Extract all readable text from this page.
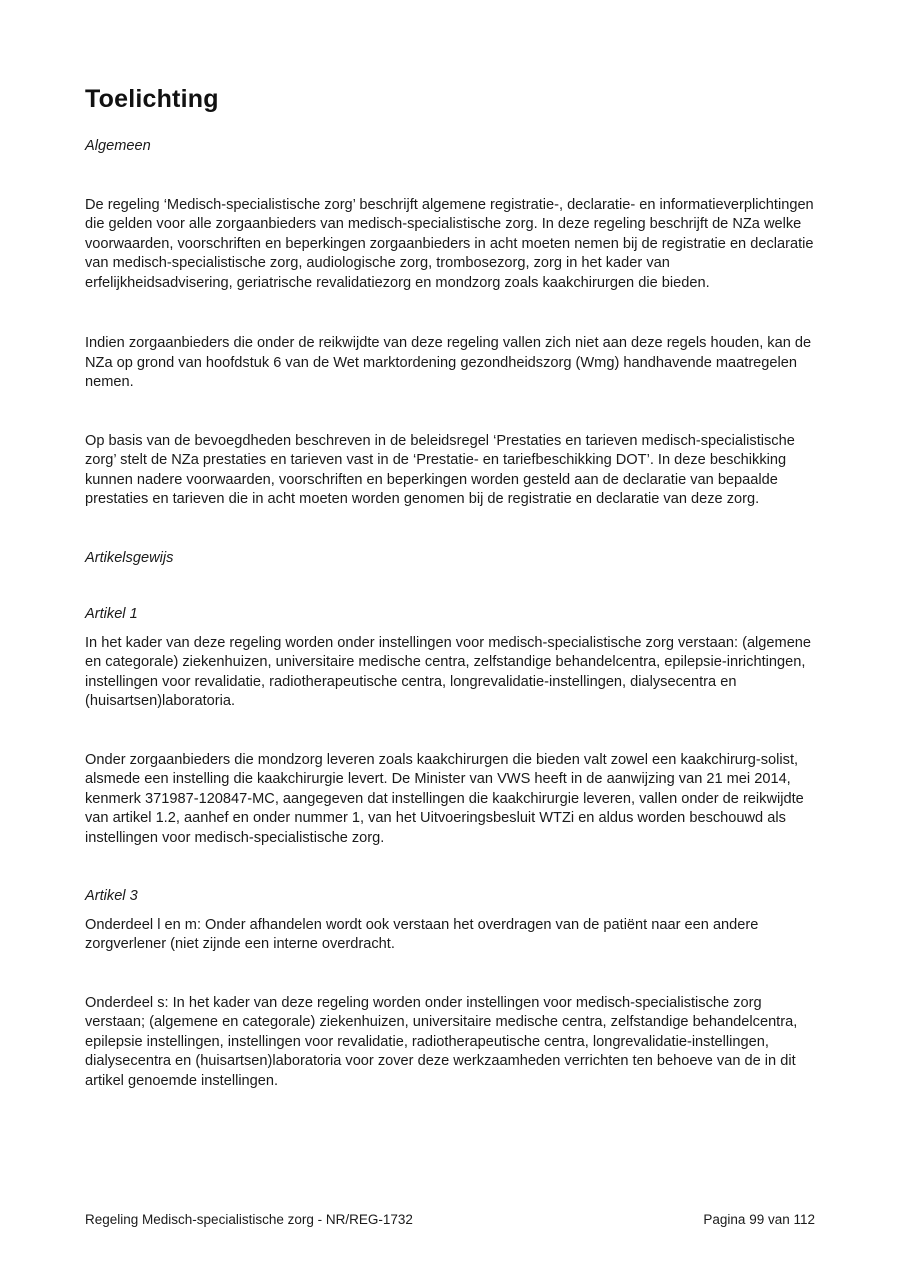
Toelichting
Algemeen

De regeling ‘Medisch-specialistische zorg’ beschrijft algemene registratie-, declaratie- en informatieverplichtingen die gelden voor alle zorgaanbieders van medisch-specialistische zorg. In deze regeling beschrijft de NZa welke voorwaarden, voorschriften en beperkingen zorgaanbieders in acht moeten nemen bij de registratie en declaratie van medisch-specialistische zorg, audiologische zorg, trombosezorg, zorg in het kader van erfelijkheidsadvisering, geriatrische revalidatiezorg en mondzorg zoals kaakchirurgen die bieden.

Indien zorgaanbieders die onder de reikwijdte van deze regeling vallen zich niet aan deze regels houden, kan de NZa op grond van hoofdstuk 6 van de Wet marktordening gezondheidszorg (Wmg) handhavende maatregelen nemen.

Op basis van de bevoegdheden beschreven in de beleidsregel ‘Prestaties en tarieven medisch-specialistische zorg’ stelt de NZa prestaties en tarieven vast in de ‘Prestatie- en tariefbeschikking DOT’. In deze beschikking kunnen nadere voorwaarden, voorschriften en beperkingen worden gesteld aan de declaratie van bepaalde prestaties en tarieven die in acht moeten worden genomen bij de registratie en declaratie van deze zorg.

Artikelsgewijs
Artikel 1

In het kader van deze regeling worden onder instellingen voor medisch-specialistische zorg verstaan: (algemene en categorale) ziekenhuizen, universitaire medische centra, zelfstandige behandelcentra, epilepsie-inrichtingen, instellingen voor revalidatie, radiotherapeutische centra, longrevalidatie-instellingen, dialysecentra en (huisartsen)laboratoria.

Onder zorgaanbieders die mondzorg leveren zoals kaakchirurgen die bieden valt zowel een kaakchirurg-solist, alsmede een instelling die kaakchirurgie levert. De Minister van VWS heeft in de aanwijzing van 21 mei 2014, kenmerk 371987-120847-MC, aangegeven dat instellingen die kaakchirurgie leveren, vallen onder de reikwijdte van artikel 1.2, aanhef en onder nummer 1, van het Uitvoeringsbesluit WTZi en aldus worden beschouwd als instellingen voor medisch-specialistische zorg.

Artikel 3

Onderdeel l en m: Onder afhandelen wordt ook verstaan het overdragen van de patiënt naar een andere zorgverlener (niet zijnde een interne overdracht.

Onderdeel s: In het kader van deze regeling worden onder instellingen voor medisch-specialistische zorg verstaan; (algemene en categorale) ziekenhuizen, universitaire medische centra, zelfstandige behandelcentra, epilepsie instellingen, instellingen voor revalidatie, radiotherapeutische centra, longrevalidatie-instellingen, dialysecentra en (huisartsen)laboratoria voor zover deze werkzaamheden verrichten ten behoeve van de in dit artikel genoemde instellingen.

Regeling Medisch-specialistische zorg - NR/REG-1732	Pagina 99 van 112
